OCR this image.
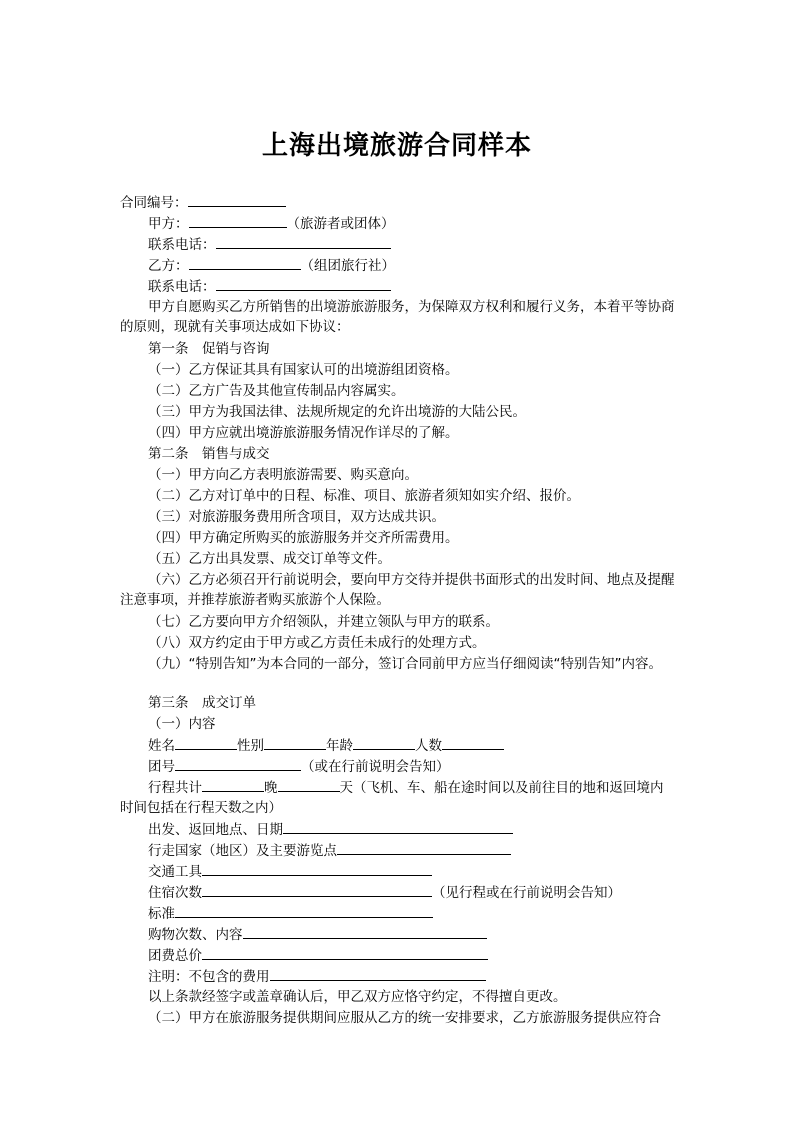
上海出境旅游合同样本
合同编号：
甲方：	（旅游者或团体）
联系电话：
乙方：	（组团旅行社）
联系电话：
甲方自愿购买乙方所销售的出境游旅游服务，为保障双方权利和履行义务，本着平等协商的原则，现就有关事项达成如下协议：
第一条　促销与咨询
（一）乙方保证其具有国家认可的出境游组团资格。
（二）乙方广告及其他宣传制品内容属实。
（三）甲方为我国法律、法规所规定的允许出境游的大陆公民。
（四）甲方应就出境游旅游服务情况作详尽的了解。
第二条　销售与成交
（一）甲方向乙方表明旅游需要、购买意向。
（二）乙方对订单中的日程、标准、项目、旅游者须知如实介绍、报价。
（三）对旅游服务费用所含项目，双方达成共识。
（四）甲方确定所购买的旅游服务并交齐所需费用。
（五）乙方出具发票、成交订单等文件。
（六）乙方必须召开行前说明会，要向甲方交待并提供书面形式的出发时间、地点及提醒注意事项，并推荐旅游者购买旅游个人保险。
（七）乙方要向甲方介绍领队，并建立领队与甲方的联系。
（八）双方约定由于甲方或乙方责任未成行的处理方式。
（九）“特别告知”为本合同的一部分，签订合同前甲方应当仔细阅读“特别告知”内容。
第三条　成交订单
（一）内容
姓名	性别	年龄	人数
团号	（或在行前说明会告知）
行程共计	晚	天（飞机、车、船在途时间以及前往目的地和返回境内时间包括在行程天数之内）
出发、返回地点、日期
行走国家（地区）及主要游览点
交通工具
住宿次数	（见行程或在行前说明会告知）
标准
购物次数、内容
团费总价
注明：不包含的费用
以上条款经签字或盖章确认后，甲乙双方应恪守约定，不得擅自更改。
（二）甲方在旅游服务提供期间应服从乙方的统一安排要求，乙方旅游服务提供应符合
